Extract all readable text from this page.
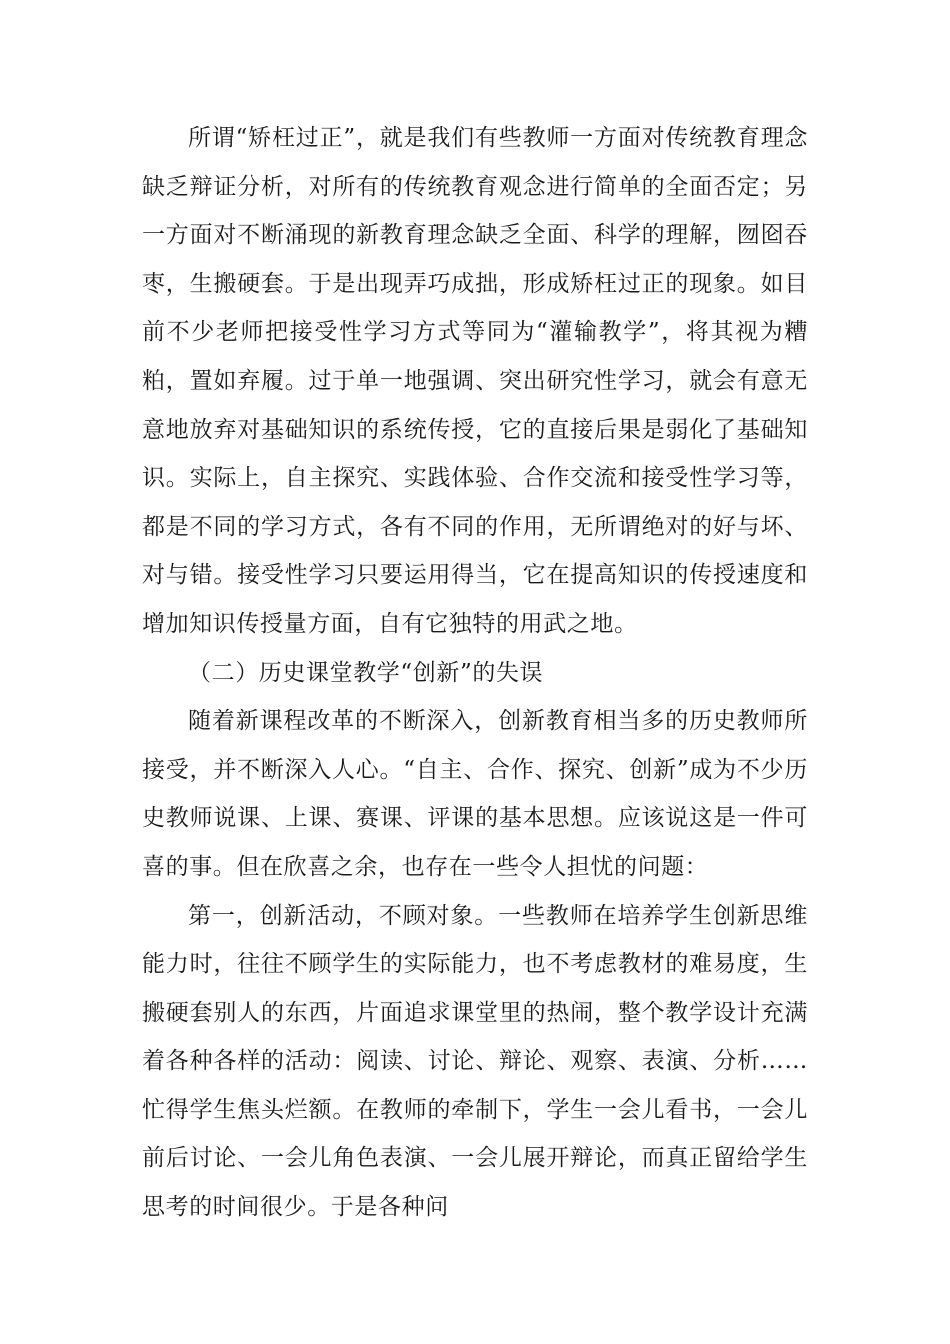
所谓“矫枉过正”，就是我们有些教师一方面对传统教育理念缺乏辩证分析，对所有的传统教育观念进行简单的全面否定；另一方面对不断涌现的新教育理念缺乏全面、科学的理解，囫囵吞枣，生搬硬套。于是出现弄巧成拙，形成矫枉过正的现象。如目前不少老师把接受性学习方式等同为“灌输教学”，将其视为糟粕，置如弃履。过于单一地强调、突出研究性学习，就会有意无意地放弃对基础知识的系统传授，它的直接后果是弱化了基础知识。实际上，自主探究、实践体验、合作交流和接受性学习等，都是不同的学习方式，各有不同的作用，无所谓绝对的好与坏、对与错。接受性学习只要运用得当，它在提高知识的传授速度和增加知识传授量方面，自有它独特的用武之地。

（二）历史课堂教学“创新”的失误

随着新课程改革的不断深入，创新教育相当多的历史教师所接受，并不断深入人心。“自主、合作、探究、创新”成为不少历史教师说课、上课、赛课、评课的基本思想。应该说这是一件可喜的事。但在欣喜之余，也存在一些令人担忧的问题：

第一，创新活动，不顾对象。一些教师在培养学生创新思维能力时，往往不顾学生的实际能力，也不考虑教材的难易度，生搬硬套别人的东西，片面追求课堂里的热闹，整个教学设计充满着各种各样的活动：阅读、讨论、辩论、观察、表演、分析……忙得学生焦头烂额。在教师的牵制下，学生一会儿看书，一会儿前后讨论、一会儿角色表演、一会儿展开辩论，而真正留给学生思考的时间很少。于是各种问
